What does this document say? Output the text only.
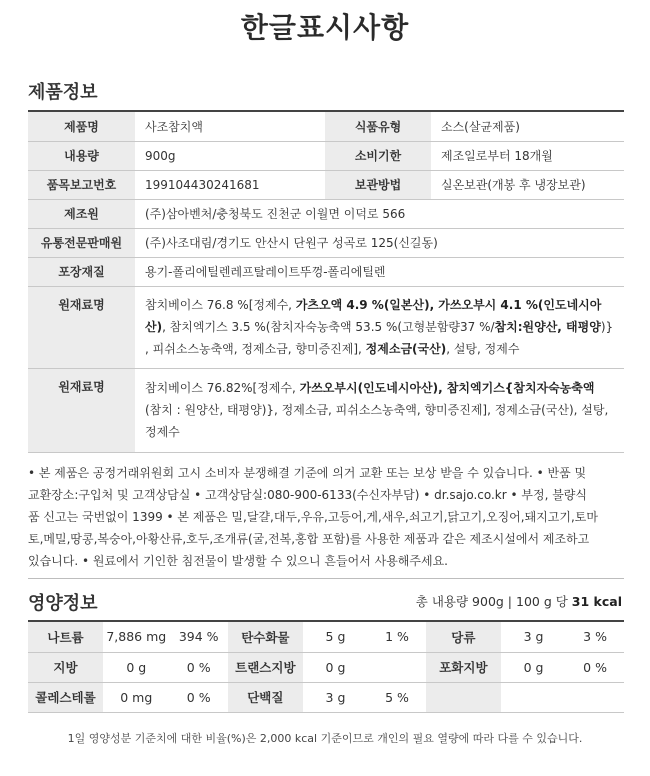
한글표시사항
제품정보
제품명	사조참치액	식품유형	소스(살균제품)
내용량	900g	소비기한	제조일로부터 18개월
품목보고번호	199104430241681	보관방법	실온보관(개봉 후 냉장보관)
제조원	(주)삼아벤처/충청북도 진천군 이월면 이덕로 566		
유통전문판매원	(주)사조대림/경기도 안산시 단원구 성곡로 125(신길동)		
포장재질	용기-폴리에틸렌레프탈레이트뚜껑-폴리에틸렌		
원재료명	참치베이스 76.8 %[정제수, 가츠오액 4.9 %(일본산), 가쓰오부시 4.1 %(인도네시아
산), 참치엑기스 3.5 %(참치자숙농축액 53.5 %(고형분함량37 %/참치:원양산, 태평양)}
, 피쉬소스농축액, 정제소금, 향미증진제], 정제소금(국산), 설탕, 정제수		
원재료명	참치베이스 76.82%[정제수, 가쓰오부시(인도네시아산), 참치엑기스{참치자숙농축액
(참치 : 원양산, 태평양)}, 정제소금, 피쉬소스농축액, 향미증진제], 정제소금(국산), 설탕,
정제수		
• 본 제품은 공정거래위원회 고시 소비자 분쟁해결 기준에 의거 교환 또는 보상 받을 수 있습니다. • 반품 및
교환장소:구입처 및 고객상담실 • 고객상담실:080-900-6133(수신자부담) • dr.sajo.co.kr • 부정, 불량식
품 신고는 국번없이 1399 • 본 제품은 밀,달걀,대두,우유,고등어,게,새우,쇠고기,닭고기,오징어,돼지고기,토마
토,메밀,땅콩,복숭아,아황산류,호두,조개류(굴,전복,홍합 포함)를 사용한 제품과 같은 제조시설에서 제조하고
있습니다. • 원료에서 기인한 침전물이 발생할 수 있으니 흔들어서 사용해주세요.
영양정보	총 내용량 900g | 100 g 당 31 kcal
나트륨	7,886 mg	394 %	탄수화물	5 g	1 %	당류	3 g	3 %
지방	0 g	0 %	트랜스지방	0 g		포화지방	0 g	0 %
콜레스테롤	0 mg	0 %	단백질	3 g	5 %			
1일 영양성분 기준치에 대한 비율(%)은 2,000 kcal 기준이므로 개인의 필요 열량에 따라 다를 수 있습니다.
